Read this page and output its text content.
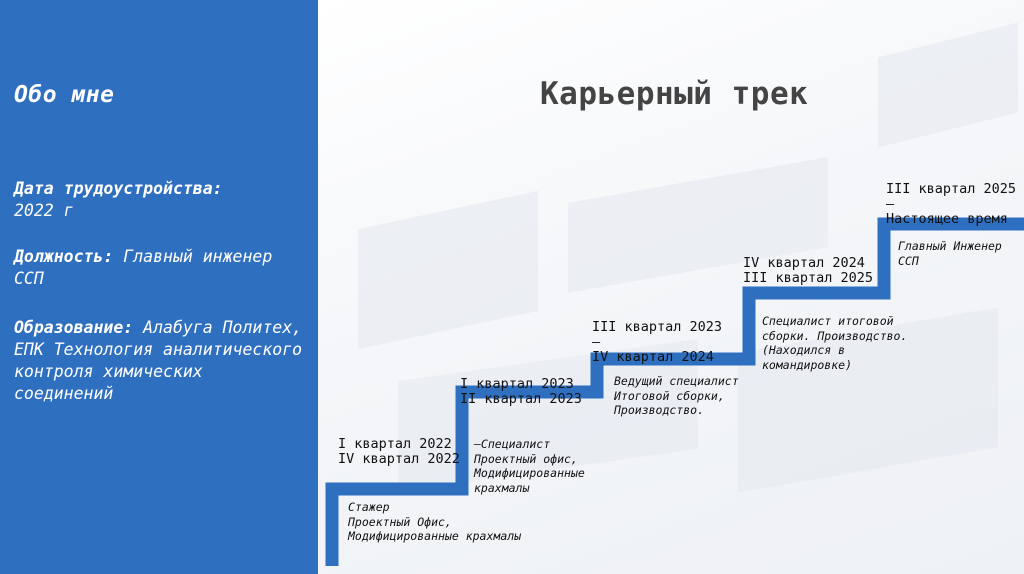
Обо мне
Дата трудоустройства:
2022 г
Должность: Главный инженер ССП
Образование: Алабуга Политех, ЕПК Технология аналитического контроля химических соединений
Карьерный трек
I квартал 2022
IV квартал 2022
Стажер
Проектный Офис,
Модифицированные крахмалы
I квартал 2023
II квартал 2023
–Специалист
Проектный офис,
Модифицированные
крахмалы
III квартал 2023
–
IV квартал 2024
Ведущий специалист
Итоговой сборки,
Производство.
IV квартал 2024
III квартал 2025
Специалист итоговой
сборки. Производство.
(Находился в
командировке)
III квартал 2025
–
Настоящее время
Главный Инженер
ССП
